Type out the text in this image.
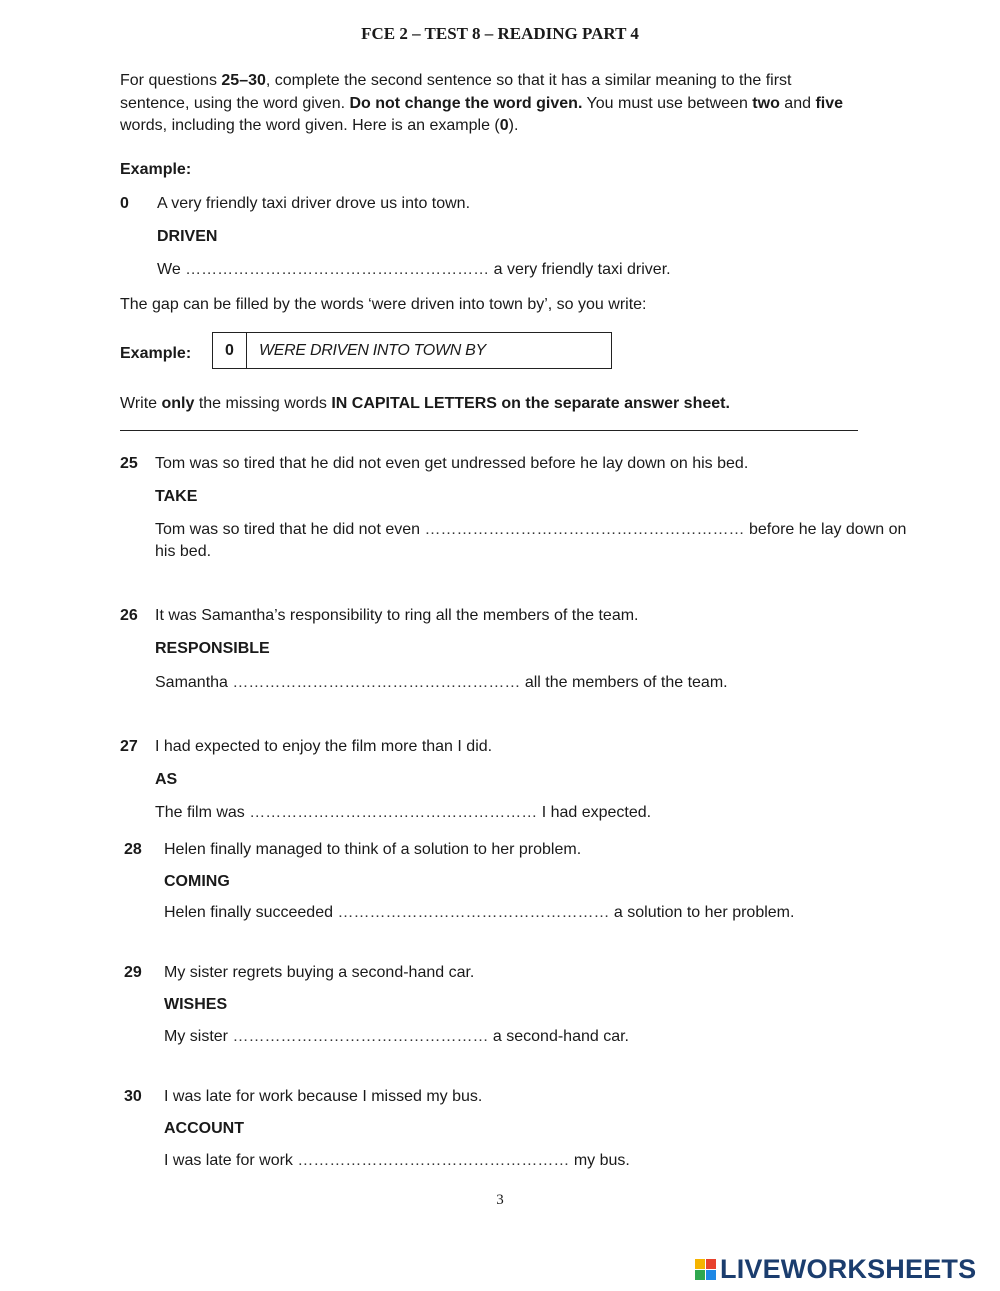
FCE 2 – TEST 8 – READING PART 4
For questions 25–30, complete the second sentence so that it has a similar meaning to the first sentence, using the word given. Do not change the word given. You must use between two and five words, including the word given. Here is an example (0).
Example:
0 A very friendly taxi driver drove us into town.
DRIVEN
We ………………………………………………… a very friendly taxi driver.
The gap can be filled by the words ‘were driven into town by’, so you write:
Example:	0	WERE DRIVEN INTO TOWN BY
Write only the missing words IN CAPITAL LETTERS on the separate answer sheet.
25 Tom was so tired that he did not even get undressed before he lay down on his bed.
TAKE
Tom was so tired that he did not even …………………………………………………… before he lay down on
his bed.
26 It was Samantha’s responsibility to ring all the members of the team.
RESPONSIBLE
Samantha ……………………………………………… all the members of the team.
27 I had expected to enjoy the film more than I did.
AS
The film was ……………………………………………… I had expected.
28 Helen finally managed to think of a solution to her problem.
COMING
Helen finally succeeded …………………………………………… a solution to her problem.
29 My sister regrets buying a second-hand car.
WISHES
My sister ………………………………………… a second-hand car.
30 I was late for work because I missed my bus.
ACCOUNT
I was late for work …………………………………………… my bus.
3
LIVEWORKSHEETS
